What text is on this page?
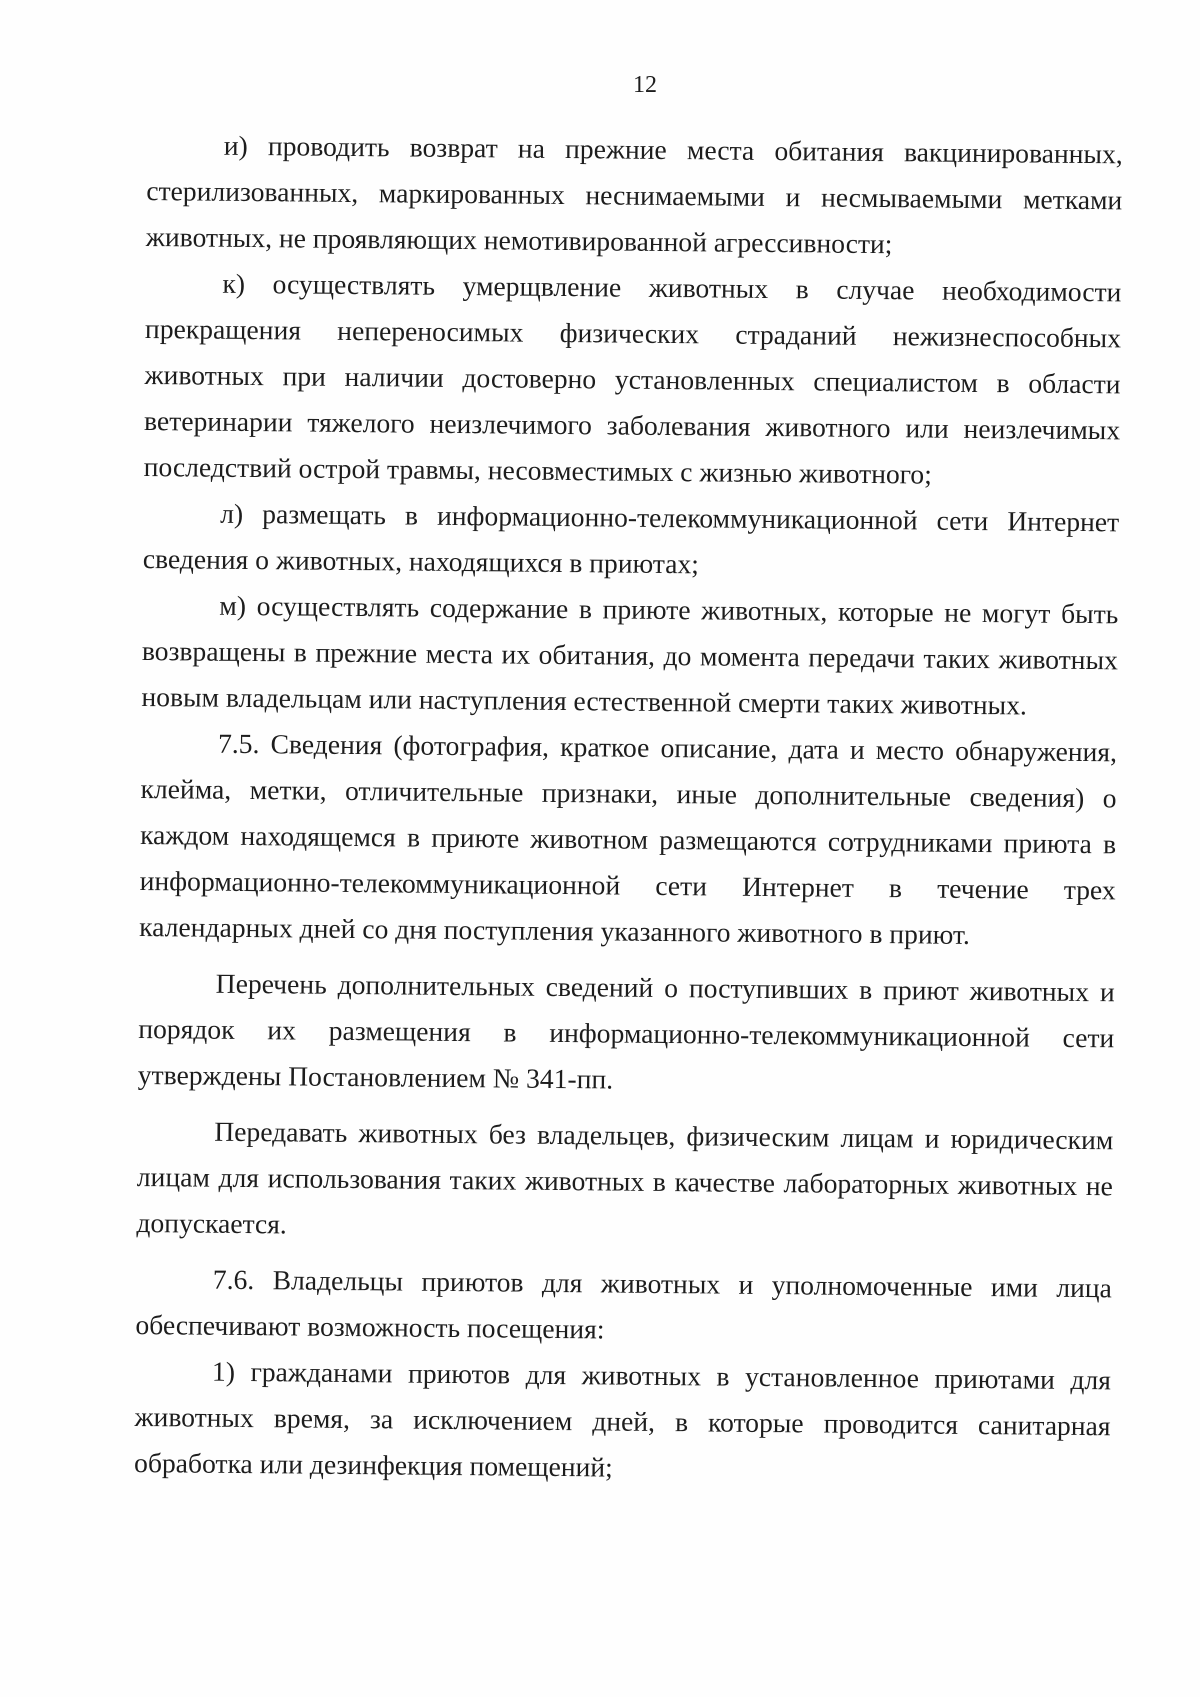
12

и) проводить возврат на прежние места обитания вакцинированных, стерилизованных, маркированных неснимаемыми и несмываемыми метками животных, не проявляющих немотивированной агрессивности;

к) осуществлять умерщвление животных в случае необходимости прекращения непереносимых физических страданий нежизнеспособных животных при наличии достоверно установленных специалистом в области ветеринарии тяжелого неизлечимого заболевания животного или неизлечимых последствий острой травмы, несовместимых с жизнью животного;

л) размещать в информационно-телекоммуникационной сети Интернет сведения о животных, находящихся в приютах;

м) осуществлять содержание в приюте животных, которые не могут быть возвращены в прежние места их обитания, до момента передачи таких животных новым владельцам или наступления естественной смерти таких животных.

7.5. Сведения (фотография, краткое описание, дата и место обнаружения, клейма, метки, отличительные признаки, иные дополнительные сведения) о каждом находящемся в приюте животном размещаются сотрудниками приюта в информационно-телекоммуникационной сети Интернет в течение трех календарных дней со дня поступления указанного животного в приют.

Перечень дополнительных сведений о поступивших в приют животных и порядок их размещения в информационно-телекоммуникационной сети утверждены Постановлением № 341-пп.

Передавать животных без владельцев, физическим лицам и юридическим лицам для использования таких животных в качестве лабораторных животных не допускается.

7.6. Владельцы приютов для животных и уполномоченные ими лица обеспечивают возможность посещения:

1) гражданами приютов для животных в установленное приютами для животных время, за исключением дней, в которые проводится санитарная обработка или дезинфекция помещений;
